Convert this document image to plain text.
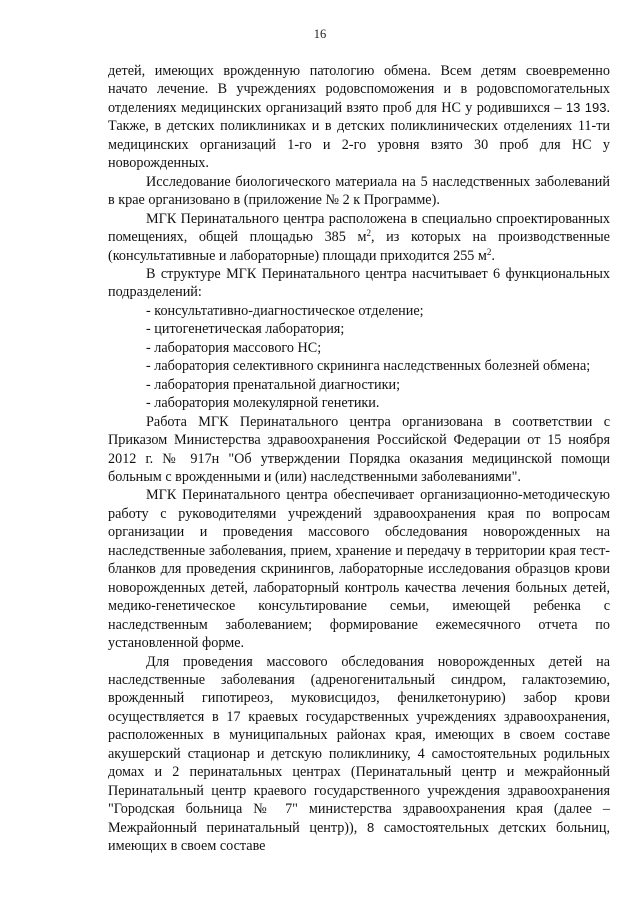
16

детей, имеющих врожденную патологию обмена. Всем детям своевременно начато лечение. В учреждениях родовспоможения и в родовспомогательных отделениях медицинских организаций взято проб для НС у родившихся – 13 193. Также, в детских поликлиниках и в детских поликлинических отделениях 11-ти медицинских организаций 1-го и 2-го уровня взято 30 проб для НС у новорожденных.

Исследование биологического материала на 5 наследственных заболеваний в крае организовано в (приложение № 2 к Программе).

МГК Перинатального центра расположена в специально спроектированных помещениях, общей площадью 385 $м^2$, из которых на производственные (консультативные и лабораторные) площади приходится 255 $м^2$.

В структуре МГК Перинатального центра насчитывает 6 функциональных подразделений:

- консультативно-диагностическое отделение;

- цитогенетическая лаборатория;

- лаборатория массового НС;

- лаборатория селективного скрининга наследственных болезней обмена;

- лаборатория пренатальной диагностики;

- лаборатория молекулярной генетики.

Работа МГК Перинатального центра организована в соответствии с Приказом Министерства здравоохранения Российской Федерации от 15 ноября 2012 г. № 917н "Об утверждении Порядка оказания медицинской помощи больным с врожденными и (или) наследственными заболеваниями".

МГК Перинатального центра обеспечивает организационно-методическую работу с руководителями учреждений здравоохранения края по вопросам организации и проведения массового обследования новорожденных на наследственные заболевания, прием, хранение и передачу в территории края тест-бланков для проведения скринингов, лабораторные исследования образцов крови новорожденных детей, лабораторный контроль качества лечения больных детей, медико-генетическое консультирование семьи, имеющей ребенка с наследственным заболеванием; формирование ежемесячного отчета по установленной форме.

Для проведения массового обследования новорожденных детей на наследственные заболевания (адреногенитальный синдром, галактоземию, врожденный гипотиреоз, муковисцидоз, фенилкетонурию) забор крови осуществляется в 17 краевых государственных учреждениях здравоохранения, расположенных в муниципальных районах края, имеющих в своем составе акушерский стационар и детскую поликлинику, 4 самостоятельных родильных домах и 2 перинатальных центрах (Перинатальный центр и межрайонный Перинатальный центр краевого государственного учреждения здравоохранения "Городская больница № 7" министерства здравоохранения края (далее – Межрайонный перинатальный центр)), 8 самостоятельных детских больниц, имеющих в своем составе
